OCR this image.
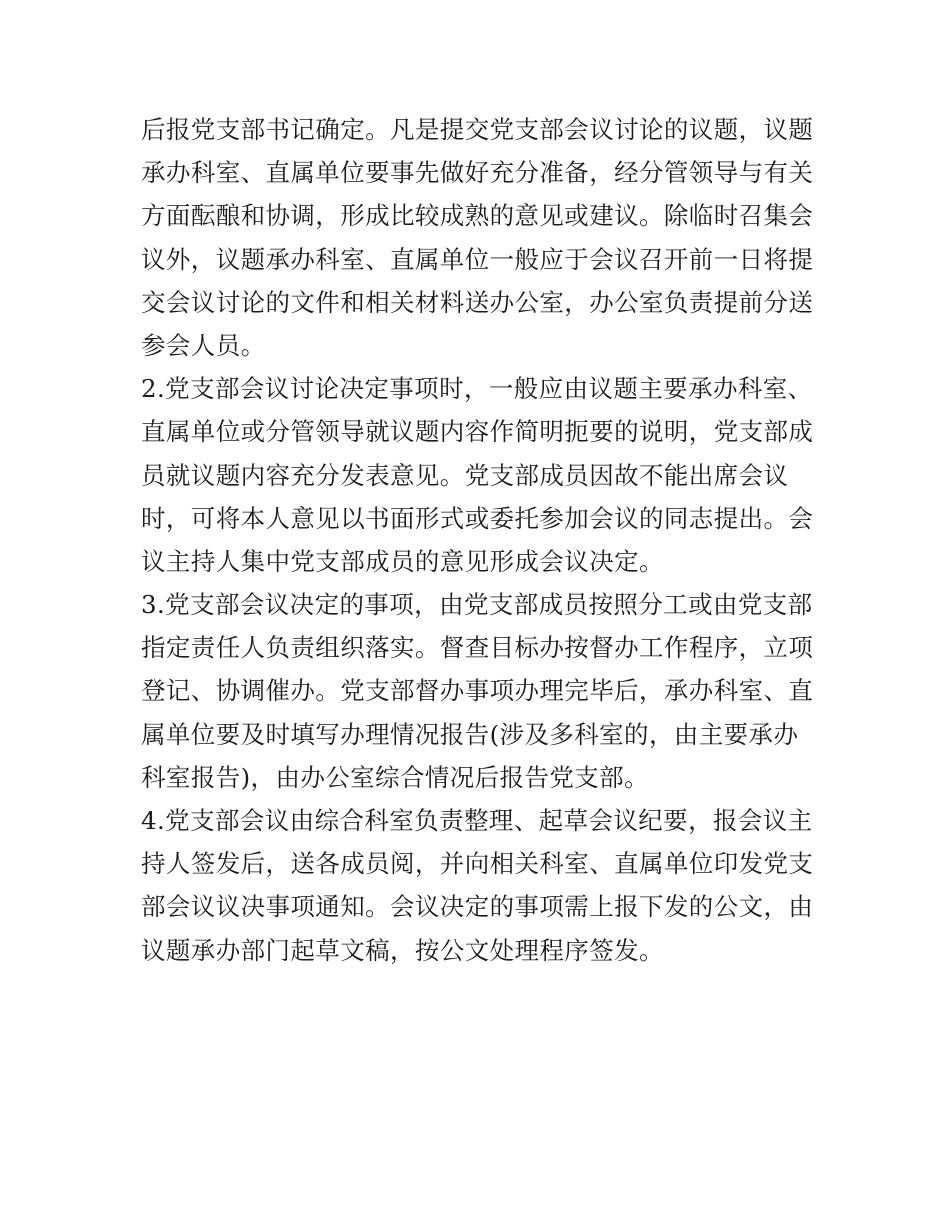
后报党支部书记确定。凡是提交党支部会议讨论的议题，议题
承办科室、直属单位要事先做好充分准备，经分管领导与有关
方面酝酿和协调，形成比较成熟的意见或建议。除临时召集会
议外，议题承办科室、直属单位一般应于会议召开前一日将提
交会议讨论的文件和相关材料送办公室，办公室负责提前分送
参会人员。
2.党支部会议讨论决定事项时，一般应由议题主要承办科室、
直属单位或分管领导就议题内容作简明扼要的说明，党支部成
员就议题内容充分发表意见。党支部成员因故不能出席会议
时，可将本人意见以书面形式或委托参加会议的同志提出。会
议主持人集中党支部成员的意见形成会议决定。
3.党支部会议决定的事项，由党支部成员按照分工或由党支部
指定责任人负责组织落实。督查目标办按督办工作程序，立项
登记、协调催办。党支部督办事项办理完毕后，承办科室、直
属单位要及时填写办理情况报告(涉及多科室的，由主要承办
科室报告)，由办公室综合情况后报告党支部。
4.党支部会议由综合科室负责整理、起草会议纪要，报会议主
持人签发后，送各成员阅，并向相关科室、直属单位印发党支
部会议议决事项通知。会议决定的事项需上报下发的公文，由
议题承办部门起草文稿，按公文处理程序签发。
